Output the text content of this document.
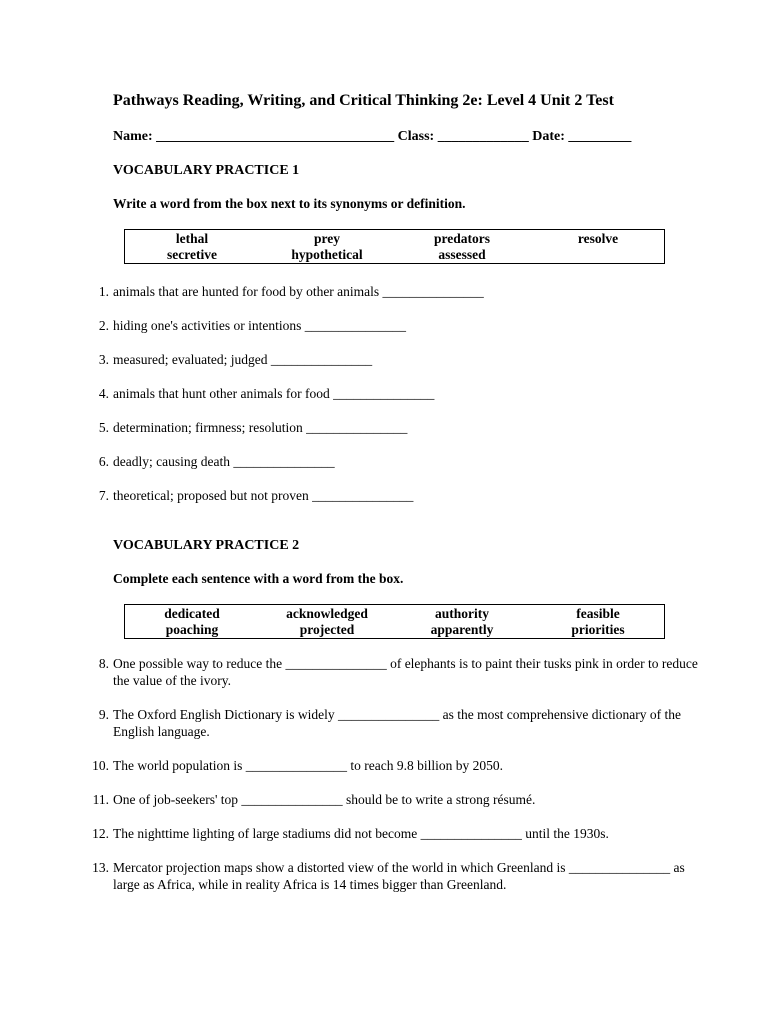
Pathways Reading, Writing, and Critical Thinking 2e: Level 4 Unit 2 Test
Name: __________________________________ Class: _____________ Date: _________
VOCABULARY PRACTICE 1
Write a word from the box next to its synonyms or definition.
lethal	prey	predators	resolve
secretive	hypothetical	assessed
1. animals that are hunted for food by other animals _______________
2. hiding one's activities or intentions _______________
3. measured; evaluated; judged _______________
4. animals that hunt other animals for food _______________
5. determination; firmness; resolution _______________
6. deadly; causing death _______________
7. theoretical; proposed but not proven _______________
VOCABULARY PRACTICE 2
Complete each sentence with a word from the box.
dedicated	acknowledged	authority	feasible
poaching	projected	apparently	priorities
8. One possible way to reduce the _______________ of elephants is to paint their tusks pink in order to reduce the value of the ivory.
9. The Oxford English Dictionary is widely _______________ as the most comprehensive dictionary of the English language.
10. The world population is _______________ to reach 9.8 billion by 2050.
11. One of job-seekers' top _______________ should be to write a strong résumé.
12. The nighttime lighting of large stadiums did not become _______________ until the 1930s.
13. Mercator projection maps show a distorted view of the world in which Greenland is _______________ as large as Africa, while in reality Africa is 14 times bigger than Greenland.
